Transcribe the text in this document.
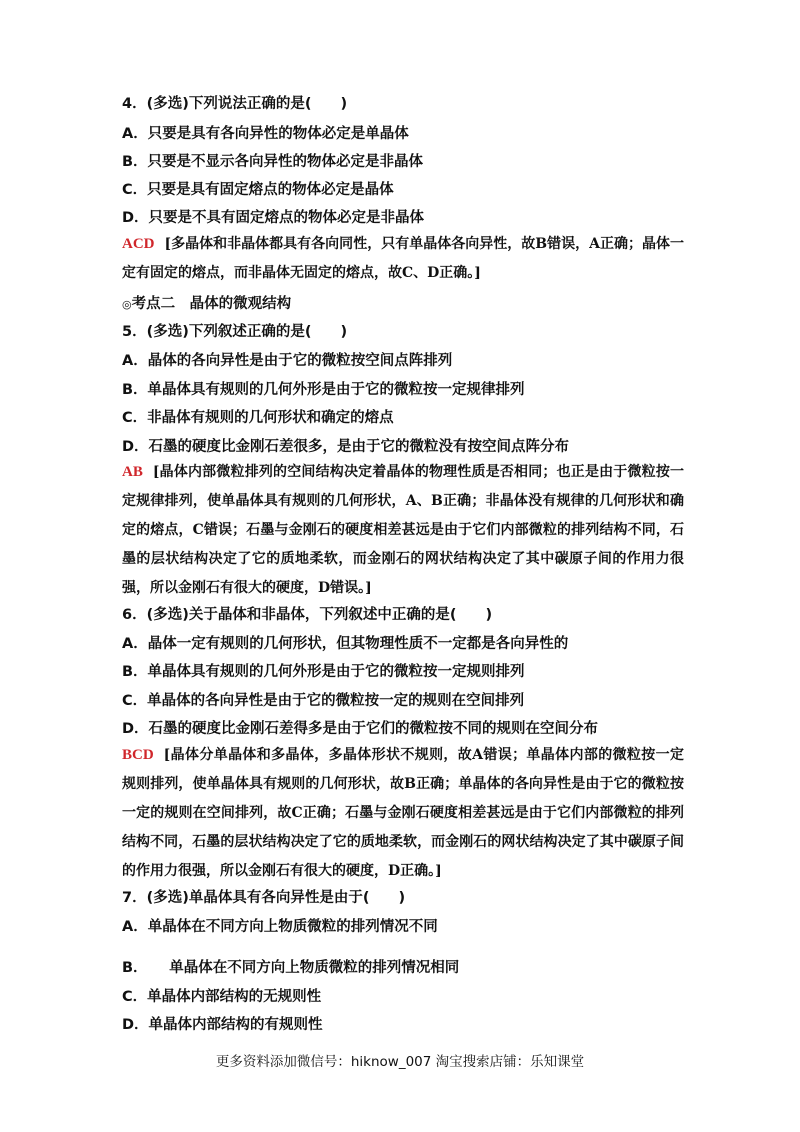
4．(多选)下列说法正确的是(　　)
A．只要是具有各向异性的物体必定是单晶体
B．只要是不显示各向异性的物体必定是非晶体
C．只要是具有固定熔点的物体必定是晶体
D．只要是不具有固定熔点的物体必定是非晶体
ACD [多晶体和非晶体都具有各向同性，只有单晶体各向异性，故B错误，A正确；晶体一定有固定的熔点，而非晶体无固定的熔点，故C、D正确。]
◎考点二　晶体的微观结构
5．(多选)下列叙述正确的是(　　)
A．晶体的各向异性是由于它的微粒按空间点阵排列
B．单晶体具有规则的几何外形是由于它的微粒按一定规律排列
C．非晶体有规则的几何形状和确定的熔点
D．石墨的硬度比金刚石差很多，是由于它的微粒没有按空间点阵分布
AB [晶体内部微粒排列的空间结构决定着晶体的物理性质是否相同；也正是由于微粒按一定规律排列，使单晶体具有规则的几何形状，A、B正确；非晶体没有规律的几何形状和确定的熔点，C错误；石墨与金刚石的硬度相差甚远是由于它们内部微粒的排列结构不同，石墨的层状结构决定了它的质地柔软，而金刚石的网状结构决定了其中碳原子间的作用力很强，所以金刚石有很大的硬度，D错误。]
6．(多选)关于晶体和非晶体，下列叙述中正确的是(　　)
A．晶体一定有规则的几何形状，但其物理性质不一定都是各向异性的
B．单晶体具有规则的几何外形是由于它的微粒按一定规则排列
C．单晶体的各向异性是由于它的微粒按一定的规则在空间排列
D．石墨的硬度比金刚石差得多是由于它们的微粒按不同的规则在空间分布
BCD [晶体分单晶体和多晶体，多晶体形状不规则，故A错误；单晶体内部的微粒按一定规则排列，使单晶体具有规则的几何形状，故B正确；单晶体的各向异性是由于它的微粒按一定的规则在空间排列，故C正确；石墨与金刚石硬度相差甚远是由于它们内部微粒的排列结构不同，石墨的层状结构决定了它的质地柔软，而金刚石的网状结构决定了其中碳原子间的作用力很强，所以金刚石有很大的硬度，D正确。]
7．(多选)单晶体具有各向异性是由于(　　)
A．单晶体在不同方向上物质微粒的排列情况不同
B．　　单晶体在不同方向上物质微粒的排列情况相同
C．单晶体内部结构的无规则性
D．单晶体内部结构的有规则性
更多资料添加微信号：hiknow_007 淘宝搜索店铺：乐知课堂
